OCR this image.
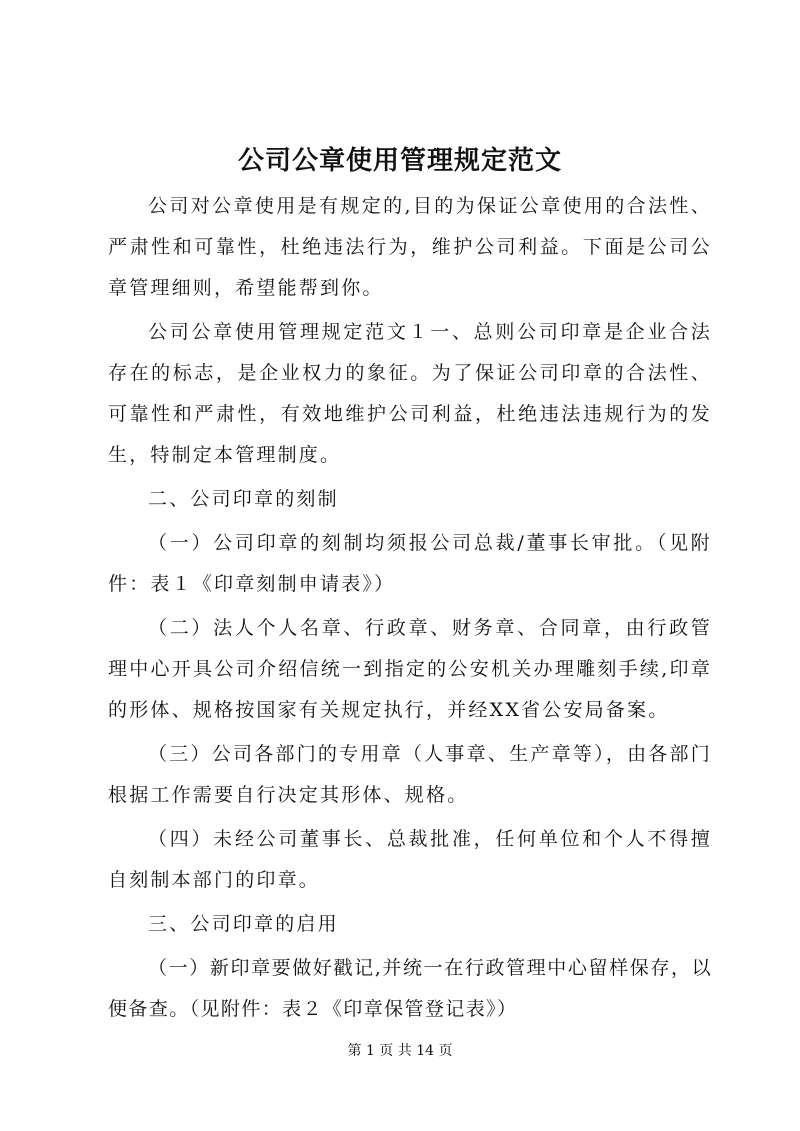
公司公章使用管理规定范文

公司对公章使用是有规定的,目的为保证公章使用的合法性、严肃性和可靠性，杜绝违法行为，维护公司利益。下面是公司公章管理细则，希望能帮到你。

公司公章使用管理规定范文１一、总则公司印章是企业合法存在的标志，是企业权力的象征。为了保证公司印章的合法性、可靠性和严肃性，有效地维护公司利益，杜绝违法违规行为的发生，特制定本管理制度。

二、公司印章的刻制

（一）公司印章的刻制均须报公司总裁/董事长审批。（见附件：表１《印章刻制申请表》）

（二）法人个人名章、行政章、财务章、合同章，由行政管理中心开具公司介绍信统一到指定的公安机关办理雕刻手续,印章的形体、规格按国家有关规定执行，并经XX省公安局备案。

（三）公司各部门的专用章（人事章、生产章等），由各部门根据工作需要自行决定其形体、规格。

（四）未经公司董事长、总裁批准，任何单位和个人不得擅自刻制本部门的印章。

三、公司印章的启用

（一）新印章要做好戳记,并统一在行政管理中心留样保存，以便备查。（见附件：表２《印章保管登记表》）

第 1 页 共 14 页
